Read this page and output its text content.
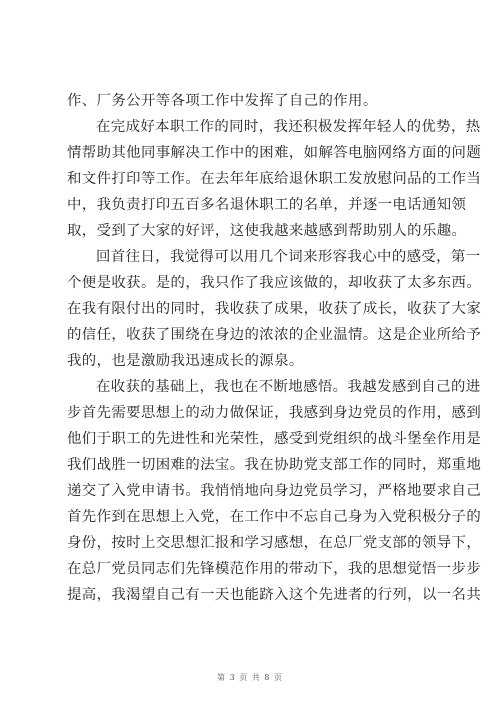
作、厂务公开等各项工作中发挥了自己的作用。
在完成好本职工作的同时，我还积极发挥年轻人的优势，热
情帮助其他同事解决工作中的困难，如解答电脑网络方面的问题
和文件打印等工作。在去年年底给退休职工发放慰问品的工作当
中，我负责打印五百多名退休职工的名单，并逐一电话通知领
取，受到了大家的好评，这使我越来越感到帮助别人的乐趣。
回首往日，我觉得可以用几个词来形容我心中的感受，第一
个便是收获。是的，我只作了我应该做的，却收获了太多东西。
在我有限付出的同时，我收获了成果，收获了成长，收获了大家
的信任，收获了围绕在身边的浓浓的企业温情。这是企业所给予
我的，也是激励我迅速成长的源泉。
在收获的基础上，我也在不断地感悟。我越发感到自己的进
步首先需要思想上的动力做保证，我感到身边党员的作用，感到
他们于职工的先进性和光荣性，感受到党组织的战斗堡垒作用是
我们战胜一切困难的法宝。我在协助党支部工作的同时，郑重地
递交了入党申请书。我悄悄地向身边党员学习，严格地要求自己
首先作到在思想上入党，在工作中不忘自己身为入党积极分子的
身份，按时上交思想汇报和学习感想，在总厂党支部的领导下，
在总厂党员同志们先锋模范作用的带动下，我的思想觉悟一步步
提高，我渴望自己有一天也能跻入这个先进者的行列，以一名共
第 3 页 共 8 页
